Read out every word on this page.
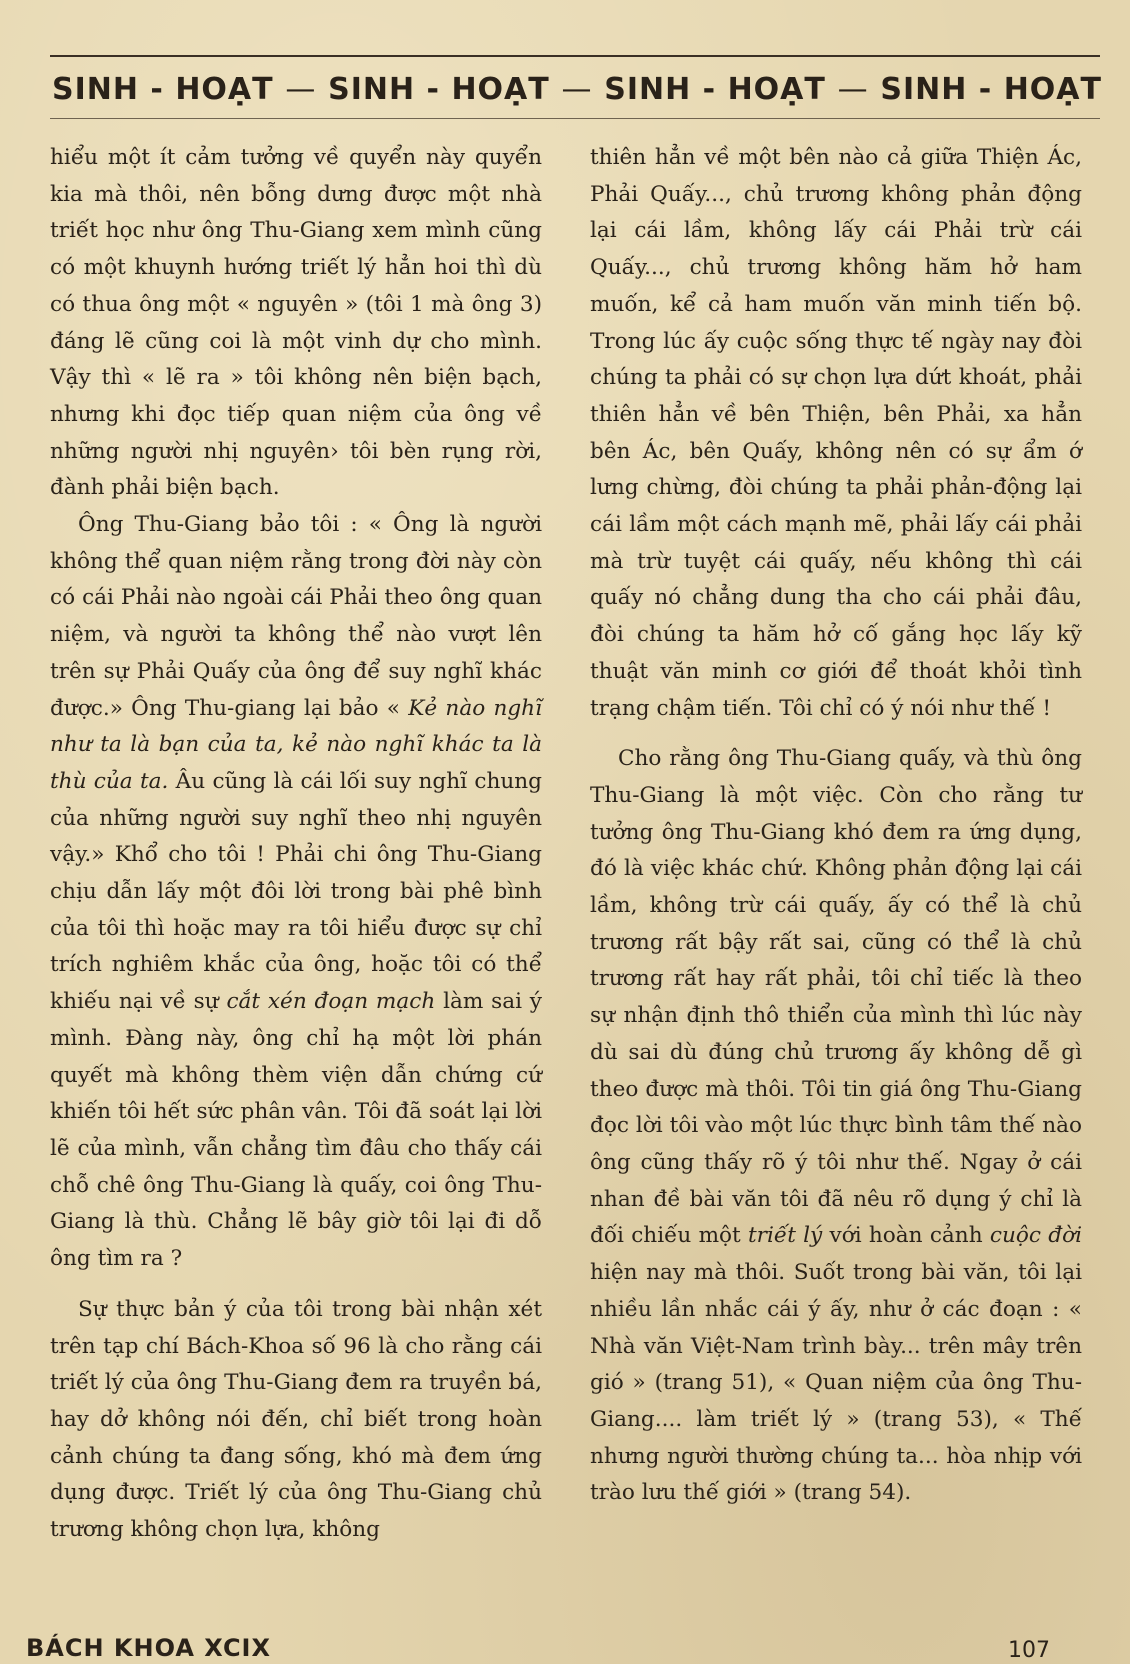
SINH - HOẠT — SINH - HOẠT — SINH - HOẠT — SINH - HOẠT

hiểu một ít cảm tưởng về quyển này quyển kia mà thôi, nên bỗng dưng được một nhà triết học như ông Thu-Giang xem mình cũng có một khuynh hướng triết lý hẳn hoi thì dù có thua ông một « nguyên » (tôi 1 mà ông 3) đáng lẽ cũng coi là một vinh dự cho mình. Vậy thì « lẽ ra » tôi không nên biện bạch, nhưng khi đọc tiếp quan niệm của ông về những người nhị nguyên› tôi bèn rụng rời, đành phải biện bạch.

Ông Thu-Giang bảo tôi : « Ông là người không thể quan niệm rằng trong đời này còn có cái Phải nào ngoài cái Phải theo ông quan niệm, và người ta không thể nào vượt lên trên sự Phải Quấy của ông để suy nghĩ khác được.» Ông Thu-giang lại bảo « Kẻ nào nghĩ như ta là bạn của ta, kẻ nào nghĩ khác ta là thù của ta. Âu cũng là cái lối suy nghĩ chung của những người suy nghĩ theo nhị nguyên vậy.» Khổ cho tôi ! Phải chi ông Thu-Giang chịu dẫn lấy một đôi lời trong bài phê bình của tôi thì hoặc may ra tôi hiểu được sự chỉ trích nghiêm khắc của ông, hoặc tôi có thể khiếu nại về sự cắt xén đoạn mạch làm sai ý mình. Đàng này, ông chỉ hạ một lời phán quyết mà không thèm viện dẫn chứng cứ khiến tôi hết sức phân vân. Tôi đã soát lại lời lẽ của mình, vẫn chẳng tìm đâu cho thấy cái chỗ chê ông Thu-Giang là quấy, coi ông Thu-Giang là thù. Chẳng lẽ bây giờ tôi lại đi dỗ ông tìm ra ?

Sự thực bản ý của tôi trong bài nhận xét trên tạp chí Bách-Khoa số 96 là cho rằng cái triết lý của ông Thu-Giang đem ra truyền bá, hay dở không nói đến, chỉ biết trong hoàn cảnh chúng ta đang sống, khó mà đem ứng dụng được. Triết lý của ông Thu-Giang chủ trương không chọn lựa, không

thiên hẳn về một bên nào cả giữa Thiện Ác, Phải Quấy..., chủ trương không phản động lại cái lầm, không lấy cái Phải trừ cái Quấy..., chủ trương không hăm hở ham muốn, kể cả ham muốn văn minh tiến bộ. Trong lúc ấy cuộc sống thực tế ngày nay đòi chúng ta phải có sự chọn lựa dứt khoát, phải thiên hẳn về bên Thiện, bên Phải, xa hẳn bên Ác, bên Quấy, không nên có sự ẩm ớ lưng chừng, đòi chúng ta phải phản-động lại cái lầm một cách mạnh mẽ, phải lấy cái phải mà trừ tuyệt cái quấy, nếu không thì cái quấy nó chẳng dung tha cho cái phải đâu, đòi chúng ta hăm hở cố gắng học lấy kỹ thuật văn minh cơ giới để thoát khỏi tình trạng chậm tiến. Tôi chỉ có ý nói như thế !

Cho rằng ông Thu-Giang quấy, và thù ông Thu-Giang là một việc. Còn cho rằng tư tưởng ông Thu-Giang khó đem ra ứng dụng, đó là việc khác chứ. Không phản động lại cái lầm, không trừ cái quấy, ấy có thể là chủ trương rất bậy rất sai, cũng có thể là chủ trương rất hay rất phải, tôi chỉ tiếc là theo sự nhận định thô thiển của mình thì lúc này dù sai dù đúng chủ trương ấy không dễ gì theo được mà thôi. Tôi tin giá ông Thu-Giang đọc lời tôi vào một lúc thực bình tâm thế nào ông cũng thấy rõ ý tôi như thế. Ngay ở cái nhan đề bài văn tôi đã nêu rõ dụng ý chỉ là đối chiếu một triết lý với hoàn cảnh cuộc đời hiện nay mà thôi. Suốt trong bài văn, tôi lại nhiều lần nhắc cái ý ấy, như ở các đoạn : « Nhà văn Việt-Nam trình bày... trên mây trên gió » (trang 51), « Quan niệm của ông Thu-Giang.... làm triết lý » (trang 53), « Thế nhưng người thường chúng ta... hòa nhịp với trào lưu thế giới » (trang 54).

BÁCH KHOA XCIX	107
